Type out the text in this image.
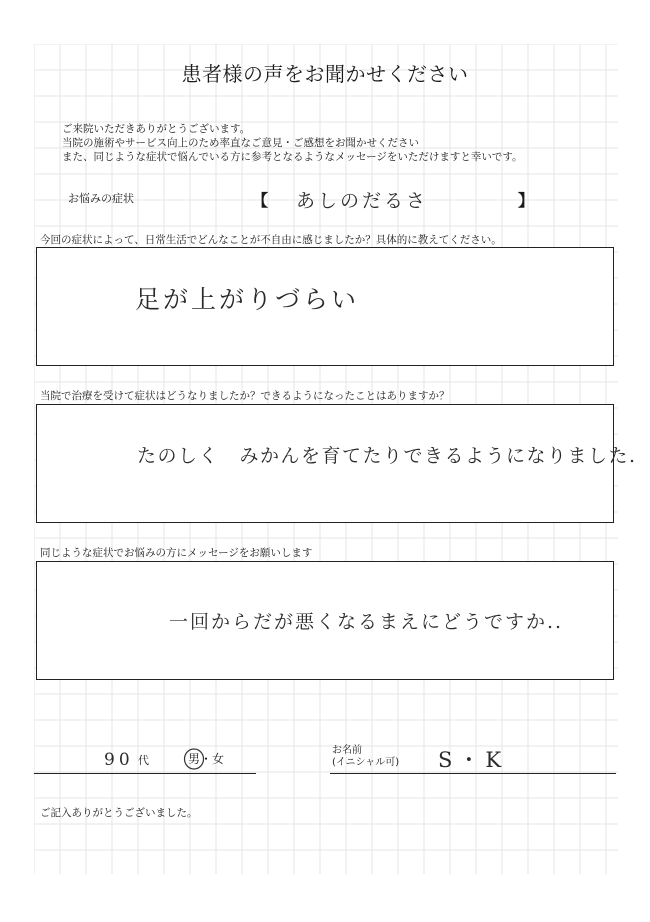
患者様の声をお聞かせください
ご来院いただきありがとうございます。
当院の施術やサービス向上のため率直なご意見・ご感想をお聞かせください
また、同じような症状で悩んでいる方に参考となるようなメッセージをいただけますと幸いです。
お悩みの症状	【 あしのだるさ	】
今回の症状によって、日常生活でどんなことが不自由に感じましたか？具体的に教えてください。
足が上がりづらい
当院で治療を受けて症状はどうなりましたか？できるようになったことはありますか？
たのしく　みかんを育てたりできるようになりました.
同じような症状でお悩みの方にメッセージをお願いします
一回からだが悪くなるまえにどうですか..
90 代	男
・女
お名前
(イニシャル可) S・K
ご記入ありがとうございました。
